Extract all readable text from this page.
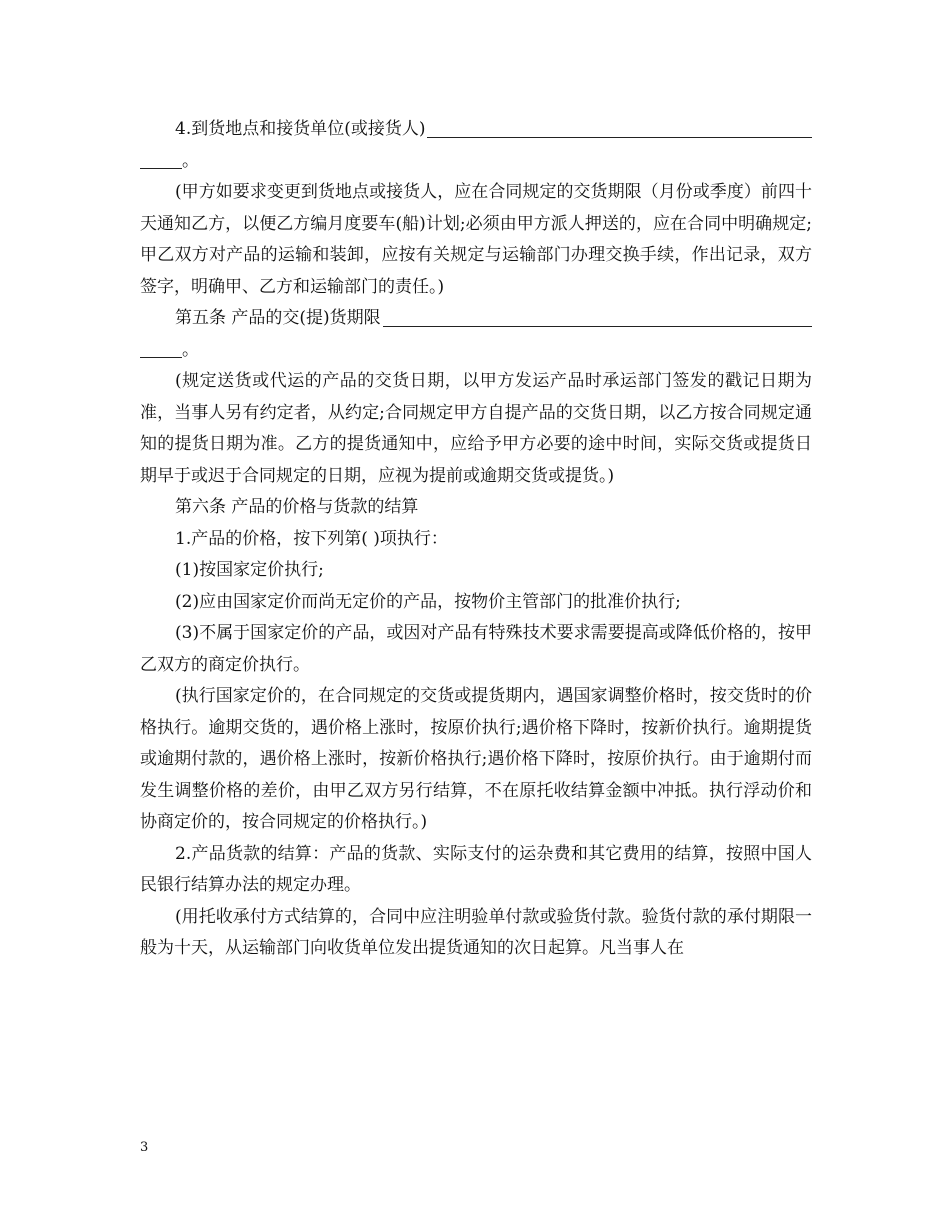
4.到货地点和接货单位(或接货人)
。

(甲方如要求变更到货地点或接货人，应在合同规定的交货期限（月份或季度）前四十天通知乙方，以便乙方编月度要车(船)计划;必须由甲方派人押送的，应在合同中明确规定;甲乙双方对产品的运输和装卸，应按有关规定与运输部门办理交换手续，作出记录，双方签字，明确甲、乙方和运输部门的责任。)

第五条 产品的交(提)货期限
。

(规定送货或代运的产品的交货日期，以甲方发运产品时承运部门签发的戳记日期为准，当事人另有约定者，从约定;合同规定甲方自提产品的交货日期，以乙方按合同规定通知的提货日期为准。乙方的提货通知中，应给予甲方必要的途中时间，实际交货或提货日期早于或迟于合同规定的日期，应视为提前或逾期交货或提货。)

第六条 产品的价格与货款的结算

1.产品的价格，按下列第( )项执行：

(1)按国家定价执行;

(2)应由国家定价而尚无定价的产品，按物价主管部门的批准价执行;

(3)不属于国家定价的产品，或因对产品有特殊技术要求需要提高或降低价格的，按甲乙双方的商定价执行。

(执行国家定价的，在合同规定的交货或提货期内，遇国家调整价格时，按交货时的价格执行。逾期交货的，遇价格上涨时，按原价执行;遇价格下降时，按新价执行。逾期提货或逾期付款的，遇价格上涨时，按新价格执行;遇价格下降时，按原价执行。由于逾期付而发生调整价格的差价，由甲乙双方另行结算，不在原托收结算金额中冲抵。执行浮动价和协商定价的，按合同规定的价格执行。)

2.产品货款的结算：产品的货款、实际支付的运杂费和其它费用的结算，按照中国人民银行结算办法的规定办理。

(用托收承付方式结算的，合同中应注明验单付款或验货付款。验货付款的承付期限一般为十天，从运输部门向收货单位发出提货通知的次日起算。凡当事人在

3
